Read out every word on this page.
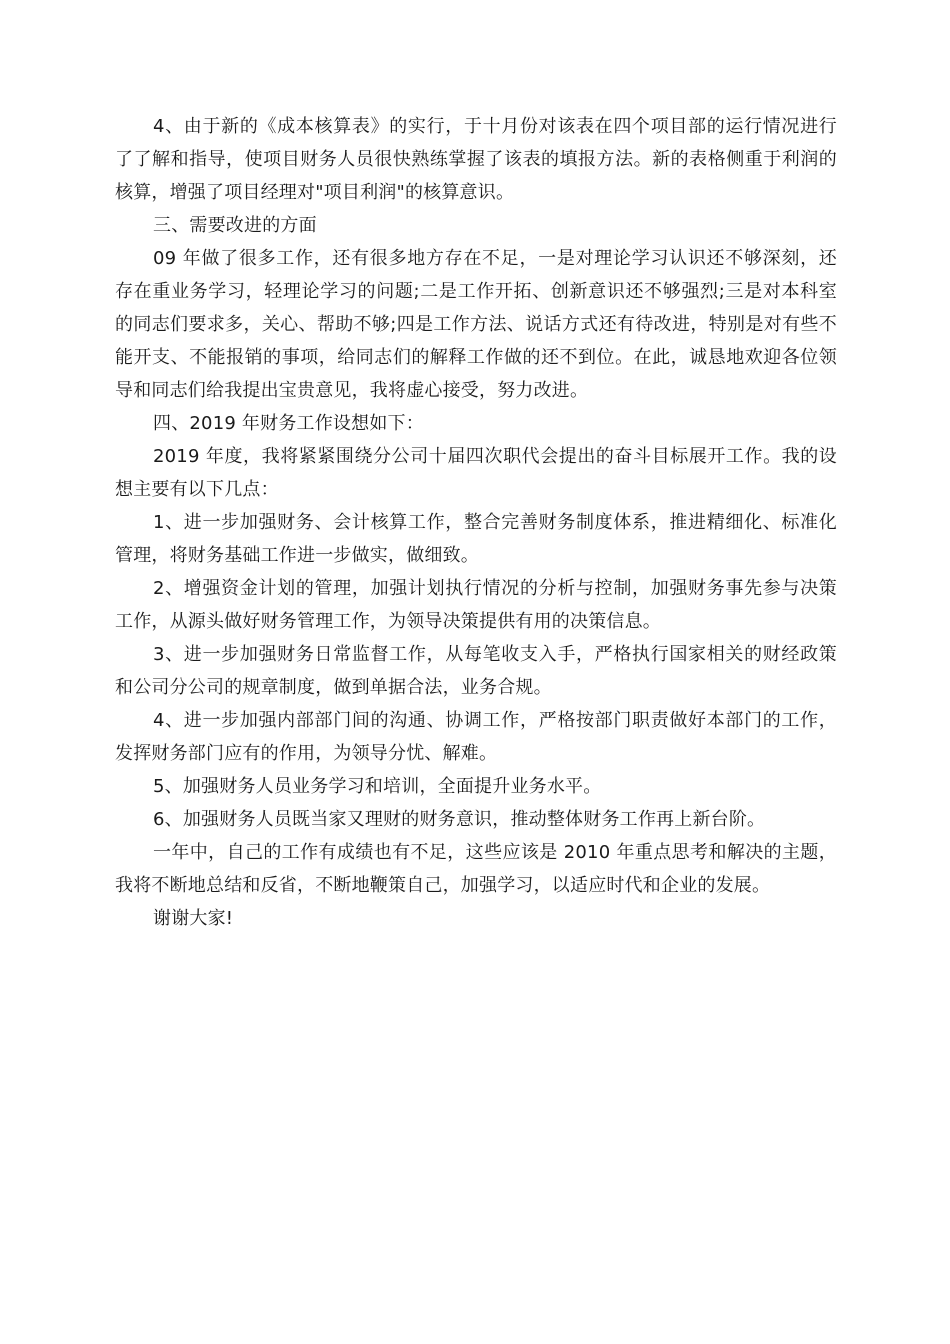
4、由于新的《成本核算表》的实行，于十月份对该表在四个项目部的运行情况进行了了解和指导，使项目财务人员很快熟练掌握了该表的填报方法。新的表格侧重于利润的核算，增强了项目经理对"项目利润"的核算意识。

三、需要改进的方面

09 年做了很多工作，还有很多地方存在不足，一是对理论学习认识还不够深刻，还存在重业务学习，轻理论学习的问题;二是工作开拓、创新意识还不够强烈;三是对本科室的同志们要求多，关心、帮助不够;四是工作方法、说话方式还有待改进，特别是对有些不能开支、不能报销的事项，给同志们的解释工作做的还不到位。在此，诚恳地欢迎各位领导和同志们给我提出宝贵意见，我将虚心接受，努力改进。

四、2019 年财务工作设想如下：

2019 年度，我将紧紧围绕分公司十届四次职代会提出的奋斗目标展开工作。我的设想主要有以下几点：

1、进一步加强财务、会计核算工作，整合完善财务制度体系，推进精细化、标准化管理，将财务基础工作进一步做实，做细致。

2、增强资金计划的管理，加强计划执行情况的分析与控制，加强财务事先参与决策工作，从源头做好财务管理工作，为领导决策提供有用的决策信息。

3、进一步加强财务日常监督工作，从每笔收支入手，严格执行国家相关的财经政策和公司分公司的规章制度，做到单据合法，业务合规。

4、进一步加强内部部门间的沟通、协调工作，严格按部门职责做好本部门的工作，发挥财务部门应有的作用，为领导分忧、解难。

5、加强财务人员业务学习和培训，全面提升业务水平。

6、加强财务人员既当家又理财的财务意识，推动整体财务工作再上新台阶。

一年中，自己的工作有成绩也有不足，这些应该是 2010 年重点思考和解决的主题，我将不断地总结和反省，不断地鞭策自己，加强学习，以适应时代和企业的发展。

谢谢大家!
